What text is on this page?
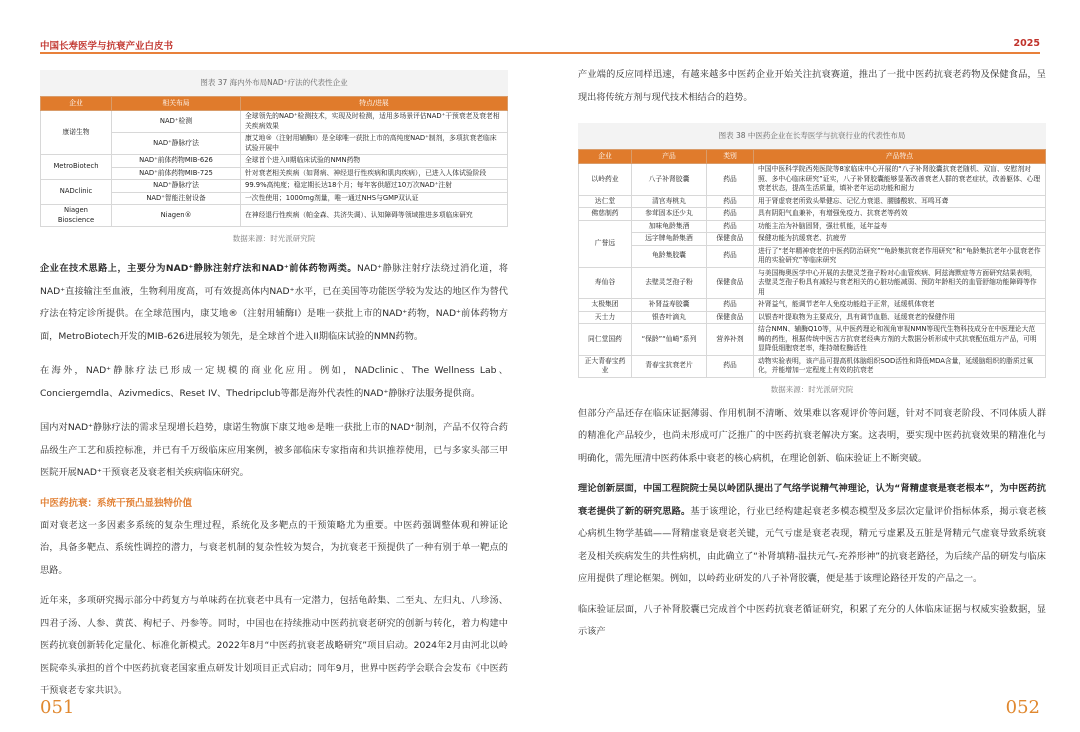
中国长寿医学与抗衰产业白皮书	2025
图表 37 海内外布局NAD⁺疗法的代表性企业
企业	相关布局	特点/进展
康诺生物	NAD⁺检测	全球领先的NAD⁺检测技术，实现及时检测，适用多场景评估NAD⁺干预衰老及衰老相关疾病效果
	NAD⁺静脉疗法	康艾地®（注射用辅酶I）是全球唯一获批上市的高纯度NAD⁺制剂，多项抗衰老临床试验开展中
MetroBiotech	NAD⁺前体药物MIB-626	全球首个进入II期临床试验的NMN药物
	NAD⁺前体药物MIB-725	针对衰老相关疾病（如肾病、神经退行性疾病和肌肉疾病），已进入人体试验阶段
NADclinic	NAD⁺静脉疗法	99.9%高纯度；稳定期长达18个月；每年客供超过10万次NAD⁺注射
	NAD⁺智能注射设备	一次性使用；1000mg剂量，唯一通过NHS与GMP双认证
Niagen Bioscience	Niagen®	在神经退行性疾病（帕金森、共济失调）、认知障碍等领域推进多项临床研究
数据来源：时光派研究院

企业在技术思路上，主要分为NAD⁺静脉注射疗法和NAD⁺前体药物两类。NAD⁺静脉注射疗法绕过消化道，将NAD⁺直接输注至血液，生物利用度高，可有效提高体内NAD⁺水平，已在美国等功能医学较为发达的地区作为替代疗法在特定诊所提供。在全球范围内，康艾地®（注射用辅酶I）是唯一获批上市的NAD⁺药物，NAD⁺前体药物方面，MetroBiotech开发的MIB-626进展较为领先，是全球首个进入II期临床试验的NMN药物。

在海外，NAD⁺静脉疗法已形成一定规模的商业化应用。例如，NADclinic、The Wellness Lab、Conciergemdla、Azivmedics、Reset IV、Thedripclub等都是海外代表性的NAD⁺静脉疗法服务提供商。

国内对NAD⁺静脉疗法的需求呈现增长趋势，康诺生物旗下康艾地®是唯一获批上市的NAD⁺制剂，产品不仅符合药品级生产工艺和质控标准，并已有千万级临床应用案例，被多部临床专家指南和共识推荐使用，已与多家头部三甲医院开展NAD⁺干预衰老及衰老相关疾病临床研究。

中医药抗衰：系统干预凸显独特价值

面对衰老这一多因素多系统的复杂生理过程，系统化及多靶点的干预策略尤为重要。中医药强调整体观和辨证论治，具备多靶点、系统性调控的潜力，与衰老机制的复杂性较为契合，为抗衰老干预提供了一种有别于单一靶点的思路。

近年来，多项研究揭示部分中药复方与单味药在抗衰老中具有一定潜力，包括龟龄集、二至丸、左归丸、八珍汤、四君子汤、人参、黄芪、枸杞子、丹参等。同时，中国也在持续推动中医药抗衰老研究的创新与转化，着力构建中医药抗衰创新转化定量化、标准化新模式。2022年8月“中医药抗衰老战略研究”项目启动。2024年2月由河北以岭医院牵头承担的首个中医药抗衰老国家重点研发计划项目正式启动；同年9月，世界中医药学会联合会发布《中医药干预衰老专家共识》。

产业端的反应同样迅速，有越来越多中医药企业开始关注抗衰赛道，推出了一批中医药抗衰老药物及保健食品，呈现出将传统方剂与现代技术相结合的趋势。

图表 38 中医药企业在长寿医学与抗衰行业的代表性布局
企业	产品	类别	产品特点
以岭药业	八子补肾胶囊	药品	中国中医科学院西苑医院等8家临床中心开展的“八子补肾胶囊抗衰老随机、双盲、安慰剂对照、多中心临床研究”证实，八子补肾胶囊能够显著改善衰老人群的衰老症状，改善躯体、心理衰老状态，提高生活质量，填补老年运动功能和耐力
达仁堂	清宫寿桃丸	药品	用于肾虚衰老所致头晕健忘、记忆力衰退、腰膝酸软、耳鸣耳聋
佛慈制药	参茸固本还少丸	药品	具有阴阳气血兼补，有增强免疫力、抗衰老等药效
广誉远	加味龟龄集酒	药品	功能主治为补脑固肾，强壮机能，延年益寿
	远字牌龟龄集酒	保健食品	保健功能为抗缓衰老、抗疲劳
	龟龄集胶囊	药品	进行了“老年精神衰老的中医药防治研究”“龟龄集抗衰老作用研究”和“龟龄集抗老年小鼠衰老作用的实验研究”等临床研究
寿仙谷	去壁灵芝孢子粉	保健食品	与美国梅奥医学中心开展的去壁灵芝孢子粉对心血管疾病、阿兹海默症等方面研究结果表明，去壁灵芝孢子粉具有减轻与衰老相关的心脏功能减弱、预防年龄相关的血管舒缩功能障碍等作用
太极集团	补肾益寿胶囊	药品	补肾益气，能调节老年人免疫功能趋于正常，延缓机体衰老
天士力	银杏叶滴丸	保健食品	以银杏叶提取物为主要成分，具有调节血脂、延缓衰老的保健作用
同仁堂国药	“保龄”“仙崎”系列	营养补剂	结合NMN、辅酶Q10等，从中医药理论和视角审视NMN等现代生物科技成分在中医理论大范畴的药性，根据传统中医古方抗衰老经典方剂的大数据分析形成中式抗衰配伍组方产品，可明显降低细胞衰老率，维持端粒酶活性
正大青春宝药业	青春宝抗衰老片	药品	动物实验表明，该产品可提高机体脑组织SOD活性和降低MDA含量，延缓脑组织的脂质过氧化，并能增加一定程度上有效的抗衰老
数据来源：时光派研究院

但部分产品还存在临床证据薄弱、作用机制不清晰、效果难以客观评价等问题，针对不同衰老阶段、不同体质人群的精准化产品较少，也尚未形成可广泛推广的中医药抗衰老解决方案。这表明，要实现中医药抗衰效果的精准化与明确化，需先厘清中医药体系中衰老的核心病机，在理论创新、临床验证上不断突破。

理论创新层面，中国工程院院士吴以岭团队提出了气络学说精气神理论，认为“肾精虚衰是衰老根本”，为中医药抗衰老提供了新的研究思路。基于该理论，行业已经构建起衰老多模态模型及多层次定量评价指标体系，揭示衰老核心病机生物学基础——肾精虚衰是衰老关键，元气亏虚是衰老表现，精元亏虚累及五脏是肾精元气虚衰导致系统衰老及相关疾病发生的共性病机，由此确立了“补肾填精-温扶元气-充养形神”的抗衰老路径，为后续产品的研发与临床应用提供了理论框架。例如，以岭药业研发的八子补肾胶囊，便是基于该理论路径开发的产品之一。

临床验证层面，八子补肾胶囊已完成首个中医药抗衰老循证研究，积累了充分的人体临床证据与权威实验数据，显示该产

051	052
